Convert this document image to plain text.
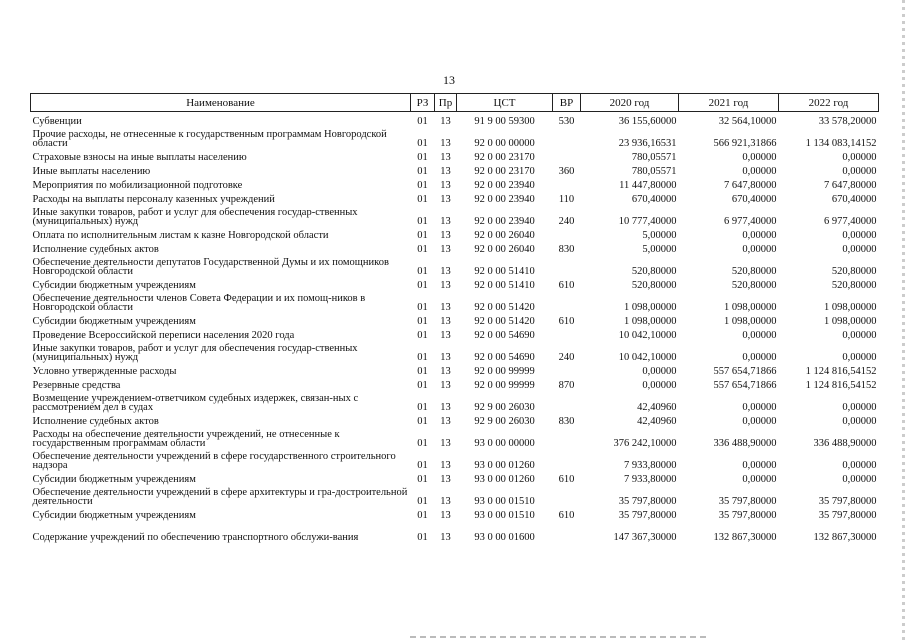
13
Наименование	РЗ	Пр	ЦСТ	ВР	2020 год	2021 год	2022 год
Субвенции	01	13	91 9 00 59300	530	36 155,60000	32 564,10000	33 578,20000
Прочие расходы, не отнесенные к государственным программам Новгородской области	01	13	92 0 00 00000		23 936,16531	566 921,31866	1 134 083,14152
Страховые взносы на иные выплаты населению	01	13	92 0 00 23170		780,05571	0,00000	0,00000
Иные выплаты населению	01	13	92 0 00 23170	360	780,05571	0,00000	0,00000
Мероприятия по мобилизационной подготовке	01	13	92 0 00 23940		11 447,80000	7 647,80000	7 647,80000
Расходы на выплаты персоналу казенных учреждений	01	13	92 0 00 23940	110	670,40000	670,40000	670,40000
Иные закупки товаров, работ и услуг для обеспечения государ-ственных (муниципальных) нужд	01	13	92 0 00 23940	240	10 777,40000	6 977,40000	6 977,40000
Оплата по исполнительным листам к казне Новгородской области	01	13	92 0 00 26040		5,00000	0,00000	0,00000
Исполнение судебных актов	01	13	92 0 00 26040	830	5,00000	0,00000	0,00000
Обеспечение деятельности депутатов Государственной Думы и их помощников Новгородской области	01	13	92 0 00 51410		520,80000	520,80000	520,80000
Субсидии бюджетным учреждениям	01	13	92 0 00 51410	610	520,80000	520,80000	520,80000
Обеспечение деятельности членов Совета Федерации и их помощ-ников в Новгородской области	01	13	92 0 00 51420		1 098,00000	1 098,00000	1 098,00000
Субсидии бюджетным учреждениям	01	13	92 0 00 51420	610	1 098,00000	1 098,00000	1 098,00000
Проведение Всероссийской переписи населения 2020 года	01	13	92 0 00 54690		10 042,10000	0,00000	0,00000
Иные закупки товаров, работ и услуг для обеспечения государ-ственных (муниципальных) нужд	01	13	92 0 00 54690	240	10 042,10000	0,00000	0,00000
Условно утвержденные расходы	01	13	92 0 00 99999		0,00000	557 654,71866	1 124 816,54152
Резервные средства	01	13	92 0 00 99999	870	0,00000	557 654,71866	1 124 816,54152
Возмещение учреждением-ответчиком судебных издержек, связан-ных с рассмотрением дел в судах	01	13	92 9 00 26030		42,40960	0,00000	0,00000
Исполнение судебных актов	01	13	92 9 00 26030	830	42,40960	0,00000	0,00000
Расходы на обеспечение деятельности учреждений, не отнесенные к государственным программам области	01	13	93 0 00 00000		376 242,10000	336 488,90000	336 488,90000
Обеспечение деятельности учреждений в сфере государственного строительного надзора	01	13	93 0 00 01260		7 933,80000	0,00000	0,00000
Субсидии бюджетным учреждениям	01	13	93 0 00 01260	610	7 933,80000	0,00000	0,00000
Обеспечение деятельности учреждений в сфере архитектуры и гра-достроительной деятельности	01	13	93 0 00 01510		35 797,80000	35 797,80000	35 797,80000
Субсидии бюджетным учреждениям	01	13	93 0 00 01510	610	35 797,80000	35 797,80000	35 797,80000
Содержание учреждений по обеспечению транспортного обслужи-вания	01	13	93 0 00 01600		147 367,30000	132 867,30000	132 867,30000
